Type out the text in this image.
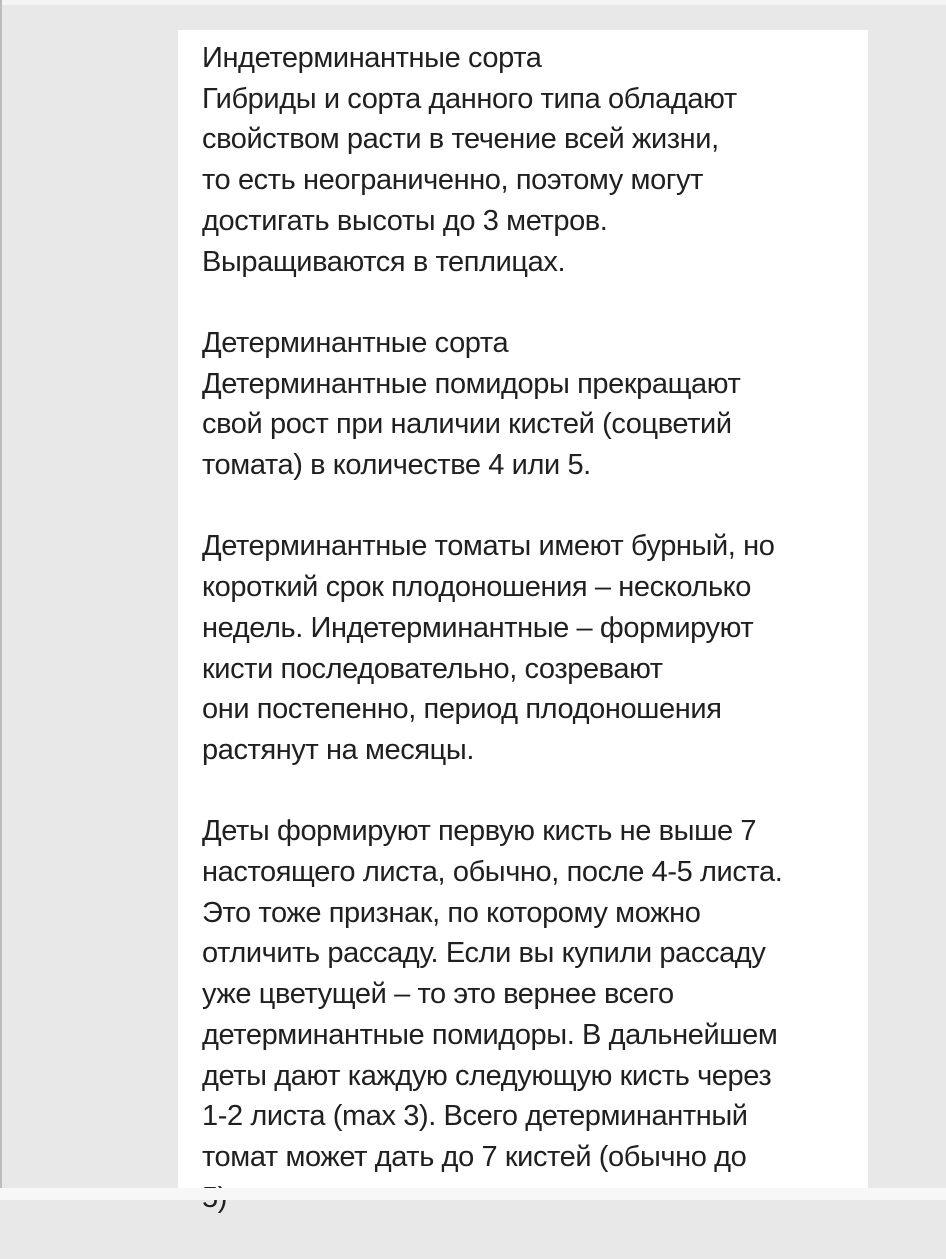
Индетерминантные сорта
Гибриды и сорта данного типа обладают
свойством расти в течение всей жизни,
то есть неограниченно, поэтому могут
достигать высоты до 3 метров.
Выращиваются в теплицах.

Детерминантные сорта
Детерминантные помидоры прекращают
свой рост при наличии кистей (соцветий
томата) в количестве 4 или 5.

Детерминантные томаты имеют бурный, но
короткий срок плодоношения – несколько
недель. Индетерминантные – формируют
кисти последовательно, созревают
они постепенно, период плодоношения
растянут на месяцы.

Деты формируют первую кисть не выше 7
настоящего листа, обычно, после 4-5 листа.
Это тоже признак, по которому можно
отличить рассаду. Если вы купили рассаду
уже цветущей – то это вернее всего
детерминантные помидоры. В дальнейшем
деты дают каждую следующую кисть через
1-2 листа (max 3). Всего детерминантный
томат может дать до 7 кистей (обычно до
